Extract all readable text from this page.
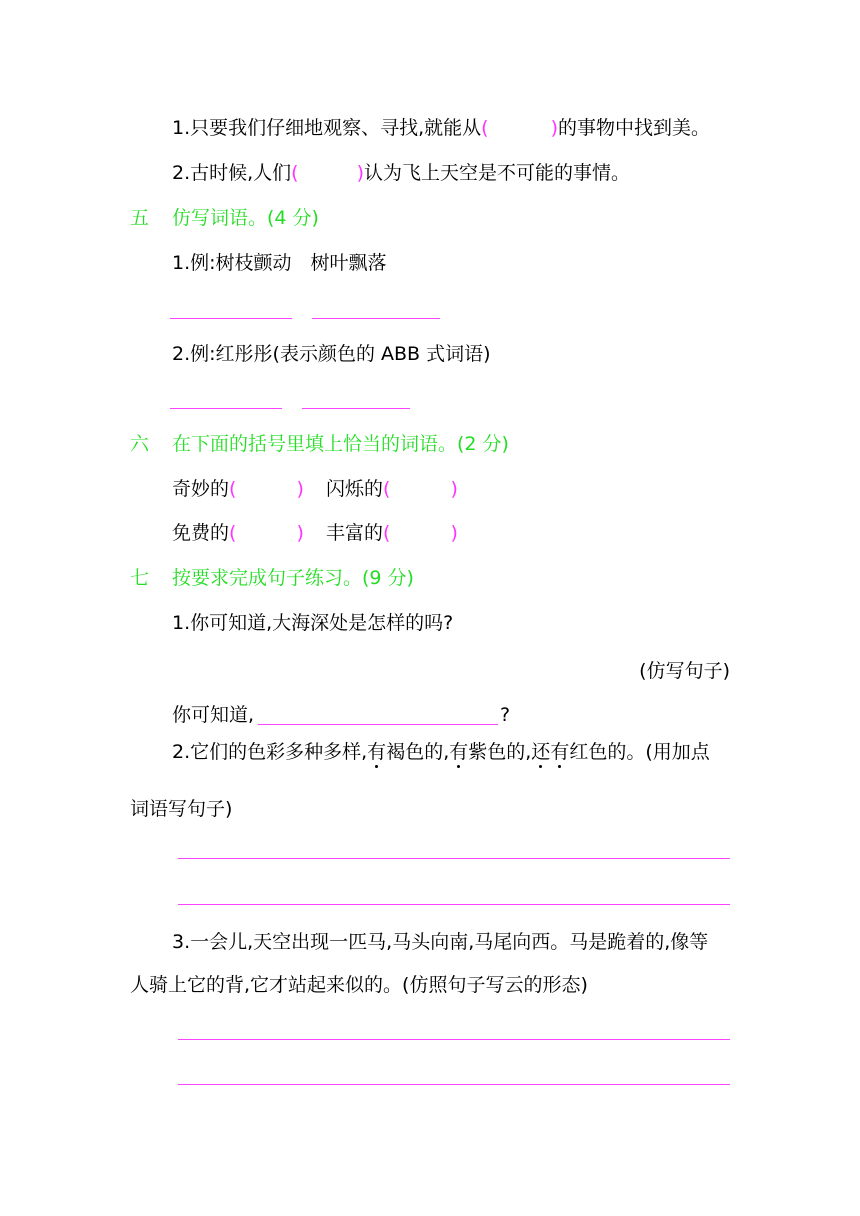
1.只要我们仔细地观察、寻找,就能从(	)的事物中找到美。
2.古时候,人们(	)认为飞上天空是不可能的事情。
五 仿写词语。(4 分)
1.例:树枝颤动　树叶飘落
2.例:红彤彤(表示颜色的 ABB 式词语)
六 在下面的括号里填上恰当的词语。(2 分)
奇妙的(	) 闪烁的(	)
免费的(	) 丰富的(	)
七 按要求完成句子练习。(9 分)
1.你可知道,大海深处是怎样的吗?
(仿写句子)
你可知道,	?
2.它们的色彩多种多样,有褐色的,有紫色的,还有红色的。(用加点
词语写句子)
3.一会儿,天空出现一匹马,马头向南,马尾向西。马是跪着的,像等
人骑上它的背,它才站起来似的。(仿照句子写云的形态)
